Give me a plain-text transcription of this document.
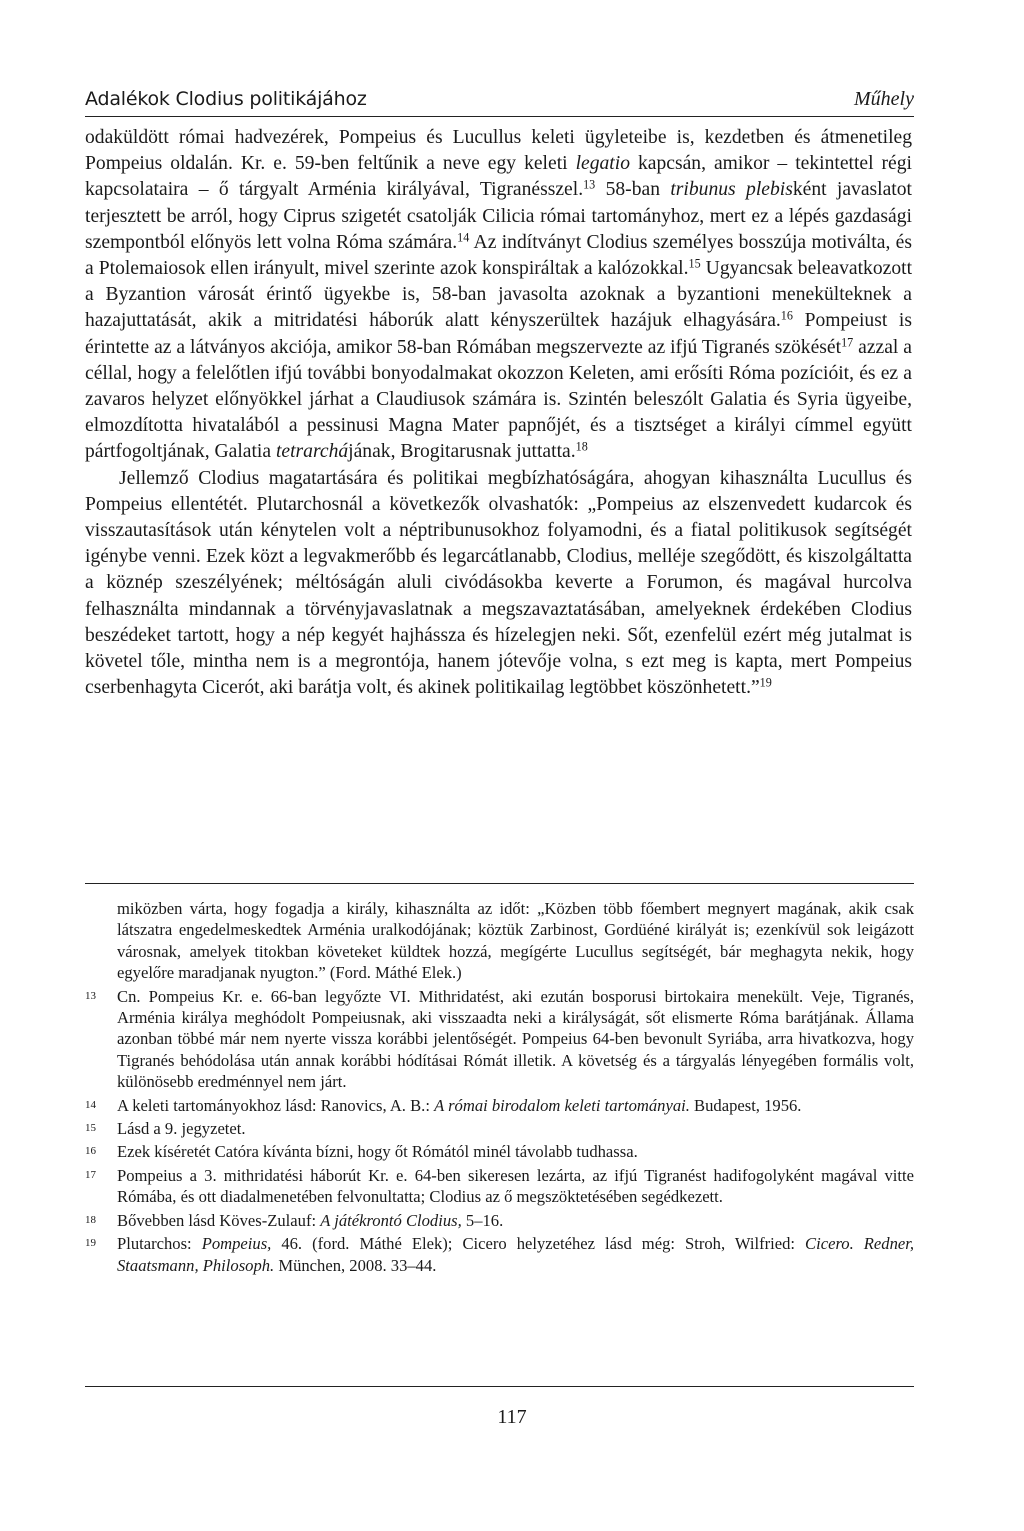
Adalékok Clodius politikájához	Műhely

odaküldött római hadvezérek, Pompeius és Lucullus keleti ügyleteibe is, kezdetben és átmenetileg Pompeius oldalán. Kr. e. 59-ben feltűnik a neve egy keleti legatio kapcsán, amikor – tekintettel régi kapcsolataira – ő tárgyalt Arménia királyával, Tigranésszel.$^{13}$ 58-ban tribunus plebisként javaslatot terjesztett be arról, hogy Ciprus szigetét csatolják Cilicia római tartományhoz, mert ez a lépés gazdasági szempontból előnyös lett volna Róma számára.$^{14}$ Az indítványt Clodius személyes bosszúja motiválta, és a Ptolemaiosok ellen irányult, mivel szerinte azok konspiráltak a kalózokkal.$^{15}$ Ugyancsak beleavatkozott a Byzantion városát érintő ügyekbe is, 58-ban javasolta azoknak a byzantioni menekülteknek a hazajuttatását, akik a mitridatési háborúk alatt kényszerültek hazájuk elhagyására.$^{16}$ Pompeiust is érintette az a látványos akciója, amikor 58-ban Rómában megszervezte az ifjú Tigranés szökését$^{17}$ azzal a céllal, hogy a felelőtlen ifjú további bonyodalmakat okozzon Keleten, ami erősíti Róma pozícióit, és ez a zavaros helyzet előnyökkel járhat a Claudiusok számára is. Szintén beleszólt Galatia és Syria ügyeibe, elmozdította hivatalából a pessinusi Magna Mater papnőjét, és a tisztséget a királyi címmel együtt pártfogoltjának, Galatia tetrarchájának, Brogitarusnak juttatta.$^{18}$

Jellemző Clodius magatartására és politikai megbízhatóságára, ahogyan kihasználta Lucullus és Pompeius ellentétét. Plutarchosnál a következők olvashatók: „Pompeius az elszenvedett kudarcok és visszautasítások után kénytelen volt a néptribunusokhoz folyamodni, és a fiatal politikusok segítségét igénybe venni. Ezek közt a legvakmerőbb és legarcátlanabb, Clodius, melléje szegődött, és kiszolgáltatta a köznép szeszélyének; méltóságán aluli civódásokba keverte a Forumon, és magával hurcolva felhasználta mindannak a törvényjavaslatnak a megszavaztatásában, amelyeknek érdekében Clodius beszédeket tartott, hogy a nép kegyét hajhássza és hízelegjen neki. Sőt, ezenfelül ezért még jutalmat is követel tőle, mintha nem is a megrontója, hanem jótevője volna, s ezt meg is kapta, mert Pompeius cserbenhagyta Cicerót, aki barátja volt, és akinek politikailag legtöbbet köszönhetett.”$^{19}$

miközben várta, hogy fogadja a király, kihasználta az időt: „Közben több főembert megnyert magának, akik csak látszatra engedelmeskedtek Arménia uralkodójának; köztük Zarbinost, Gordüéné királyát is; ezenkívül sok leigázott városnak, amelyek titokban követeket küldtek hozzá, megígérte Lucullus segítségét, bár meghagyta nekik, hogy egyelőre maradjanak nyugton.” (Ford. Máthé Elek.)

13 Cn. Pompeius Kr. e. 66-ban legyőzte VI. Mithridatést, aki ezután bosporusi birtokaira menekült. Veje, Tigranés, Arménia királya meghódolt Pompeiusnak, aki visszaadta neki a királyságát, sőt elismerte Róma barátjának. Állama azonban többé már nem nyerte vissza korábbi jelentőségét. Pompeius 64-ben bevonult Syriába, arra hivatkozva, hogy Tigranés behódolása után annak korábbi hódításai Rómát illetik. A követség és a tárgyalás lényegében formális volt, különösebb eredménnyel nem járt.

14 A keleti tartományokhoz lásd: Ranovics, A. B.: A római birodalom keleti tartományai. Budapest, 1956.

15 Lásd a 9. jegyzetet.

16 Ezek kíséretét Catóra kívánta bízni, hogy őt Rómától minél távolabb tudhassa.

17 Pompeius a 3. mithridatési háborút Kr. e. 64-ben sikeresen lezárta, az ifjú Tigranést hadifogolyként magával vitte Rómába, és ott diadalmenetében felvonultatta; Clodius az ő megszöktetésében segédkezett.

18 Bővebben lásd Köves-Zulauf: A játékrontó Clodius, 5–16.

19 Plutarchos: Pompeius, 46. (ford. Máthé Elek); Cicero helyzetéhez lásd még: Stroh, Wilfried: Cicero. Redner, Staatsmann, Philosoph. München, 2008. 33–44.

117
